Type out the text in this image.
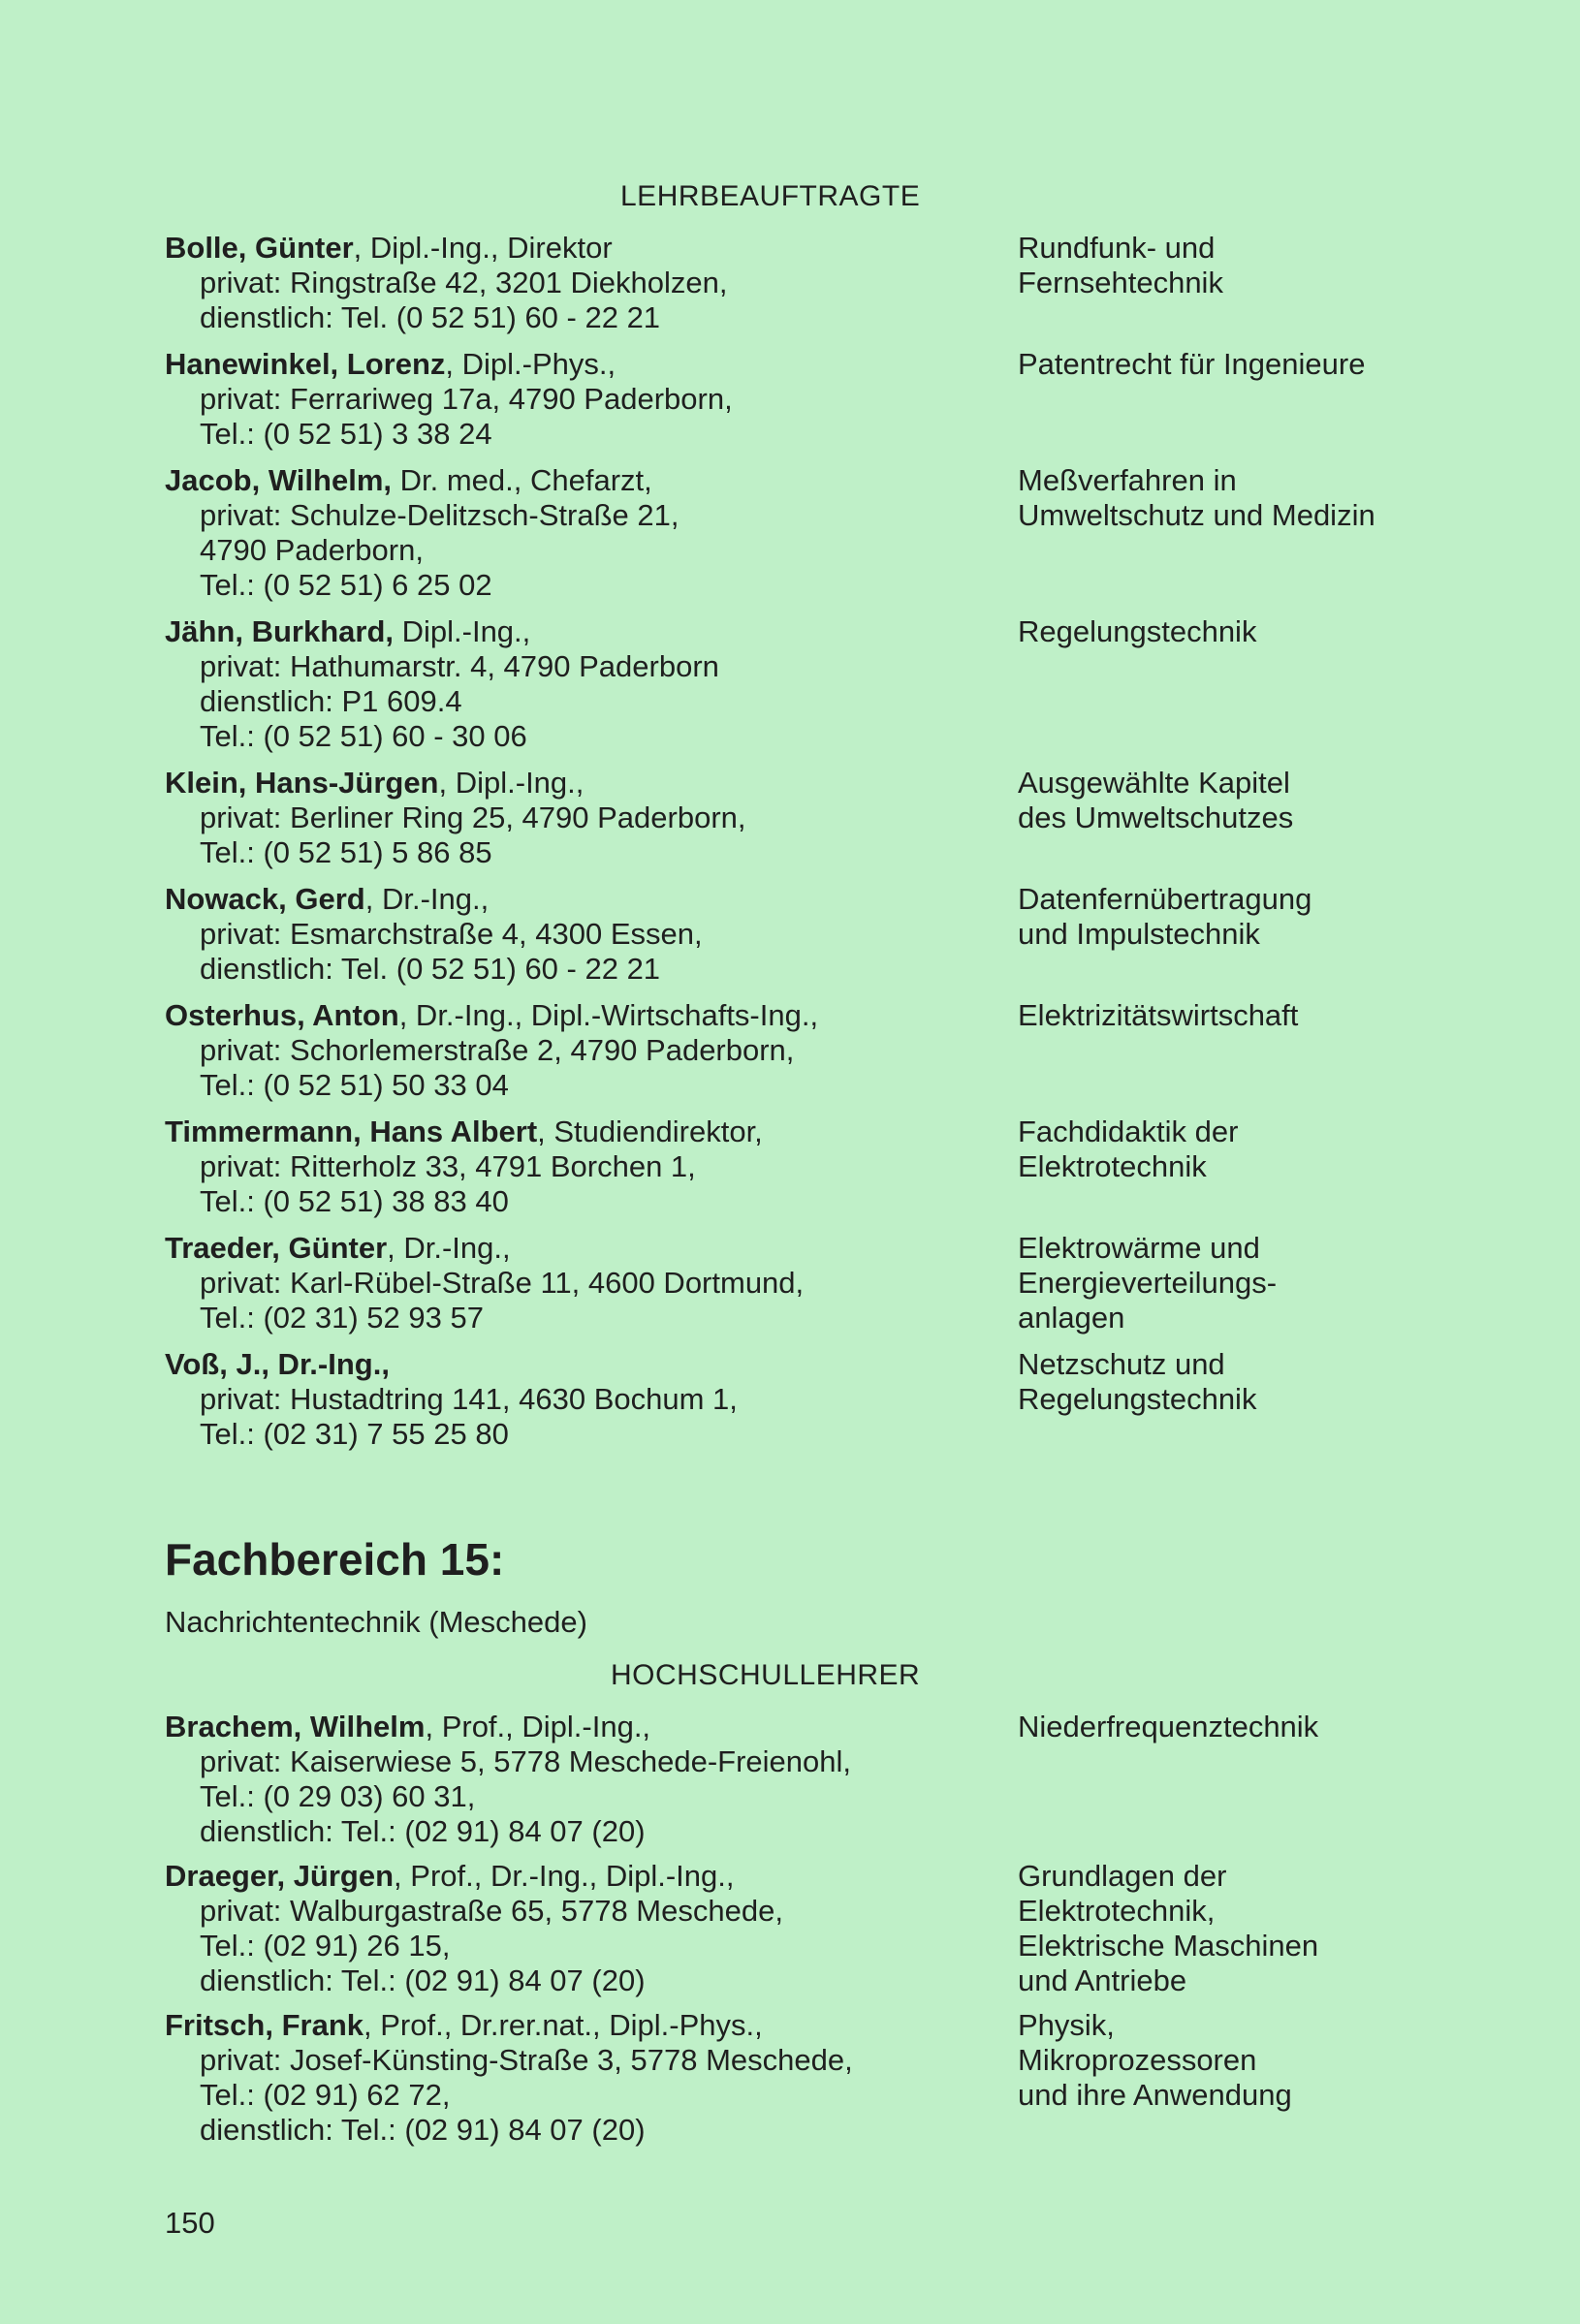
LEHRBEAUFTRAGTE
Bolle, Günter, Dipl.-Ing., Direktor
privat: Ringstraße 42, 3201 Diekholzen,
dienstlich: Tel. (0 52 51) 60 - 22 21
Rundfunk- und
Fernsehtechnik
Hanewinkel, Lorenz, Dipl.-Phys.,
privat: Ferrariweg 17a, 4790 Paderborn,
Tel.: (0 52 51) 3 38 24
Patentrecht für Ingenieure
Jacob, Wilhelm, Dr. med., Chefarzt,
privat: Schulze-Delitzsch-Straße 21,
4790 Paderborn,
Tel.: (0 52 51) 6 25 02
Meßverfahren in
Umweltschutz und Medizin
Jähn, Burkhard, Dipl.-Ing.,
privat: Hathumarstr. 4, 4790 Paderborn
dienstlich: P1 609.4
Tel.: (0 52 51) 60 - 30 06
Regelungstechnik
Klein, Hans-Jürgen, Dipl.-Ing.,
privat: Berliner Ring 25, 4790 Paderborn,
Tel.: (0 52 51) 5 86 85
Ausgewählte Kapitel
des Umweltschutzes
Nowack, Gerd, Dr.-Ing.,
privat: Esmarchstraße 4, 4300 Essen,
dienstlich: Tel. (0 52 51) 60 - 22 21
Datenfernübertragung
und Impulstechnik
Osterhus, Anton, Dr.-Ing., Dipl.-Wirtschafts-Ing.,
privat: Schorlemerstraße 2, 4790 Paderborn,
Tel.: (0 52 51) 50 33 04
Elektrizitätswirtschaft
Timmermann, Hans Albert, Studiendirektor,
privat: Ritterholz 33, 4791 Borchen 1,
Tel.: (0 52 51) 38 83 40
Fachdidaktik der
Elektrotechnik
Traeder, Günter, Dr.-Ing.,
privat: Karl-Rübel-Straße 11, 4600 Dortmund,
Tel.: (02 31) 52 93 57
Elektrowärme und
Energieverteilungs-
anlagen
Voß, J., Dr.-Ing.,
privat: Hustadtring 141, 4630 Bochum 1,
Tel.: (02 31) 7 55 25 80
Netzschutz und
Regelungstechnik
Fachbereich 15:
Nachrichtentechnik (Meschede)
HOCHSCHULLEHRER
Brachem, Wilhelm, Prof., Dipl.-Ing.,
privat: Kaiserwiese 5, 5778 Meschede-Freienohl,
Tel.: (0 29 03) 60 31,
dienstlich: Tel.: (02 91) 84 07 (20)
Niederfrequenztechnik
Draeger, Jürgen, Prof., Dr.-Ing., Dipl.-Ing.,
privat: Walburgastraße 65, 5778 Meschede,
Tel.: (02 91) 26 15,
dienstlich: Tel.: (02 91) 84 07 (20)
Grundlagen der
Elektrotechnik,
Elektrische Maschinen
und Antriebe
Fritsch, Frank, Prof., Dr.rer.nat., Dipl.-Phys.,
privat: Josef-Künsting-Straße 3, 5778 Meschede,
Tel.: (02 91) 62 72,
dienstlich: Tel.: (02 91) 84 07 (20)
Physik,
Mikroprozessoren
und ihre Anwendung
150
